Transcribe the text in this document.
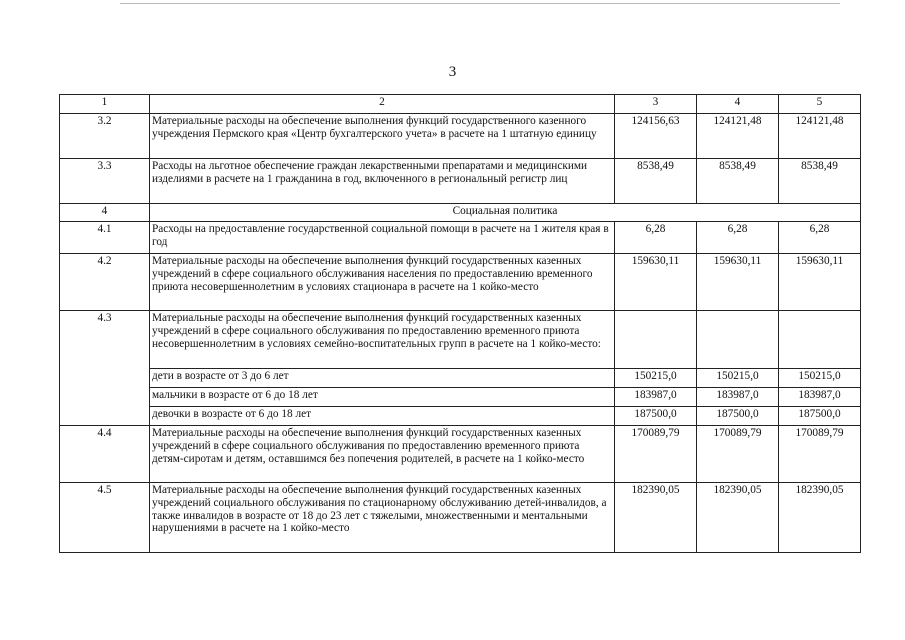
3
1	2	3	4	5
3.2	Материальные расходы на обеспечение выполнения функций государственного казенного учреждения Пермского края «Центр бухгалтерского учета» в расчете на 1 штатную единицу	124156,63	124121,48	124121,48
3.3	Расходы на льготное обеспечение граждан лекарственными препаратами и медицинскими изделиями в расчете на 1 гражданина в год, включенного в региональный регистр лиц	8538,49	8538,49	8538,49
4	Социальная политика			
4.1	Расходы на предоставление государственной социальной помощи в расчете на 1 жителя края в год	6,28	6,28	6,28
4.2	Материальные расходы на обеспечение выполнения функций государственных казенных учреждений в сфере социального обслуживания населения по предоставлению временного приюта несовершеннолетним в условиях стационара в расчете на 1 койко-место	159630,11	159630,11	159630,11
4.3	Материальные расходы на обеспечение выполнения функций государственных казенных учреждений в сфере социального обслуживания по предоставлению временного приюта несовершеннолетним в условиях семейно-воспитательных групп в расчете на 1 койко-место:			
	дети в возрасте от 3 до 6 лет	150215,0	150215,0	150215,0
	мальчики в возрасте от 6 до 18 лет	183987,0	183987,0	183987,0
	девочки в возрасте от 6 до 18 лет	187500,0	187500,0	187500,0
4.4	Материальные расходы на обеспечение выполнения функций государственных казенных учреждений в сфере социального обслуживания по предоставлению временного приюта детям-сиротам и детям, оставшимся без попечения родителей, в расчете на 1 койко-место	170089,79	170089,79	170089,79
4.5	Материальные расходы на обеспечение выполнения функций государственных казенных учреждений социального обслуживания по стационарному обслуживанию детей-инвалидов, а также инвалидов в возрасте от 18 до 23 лет с тяжелыми, множественными и ментальными нарушениями в расчете на 1 койко-место	182390,05	182390,05	182390,05
